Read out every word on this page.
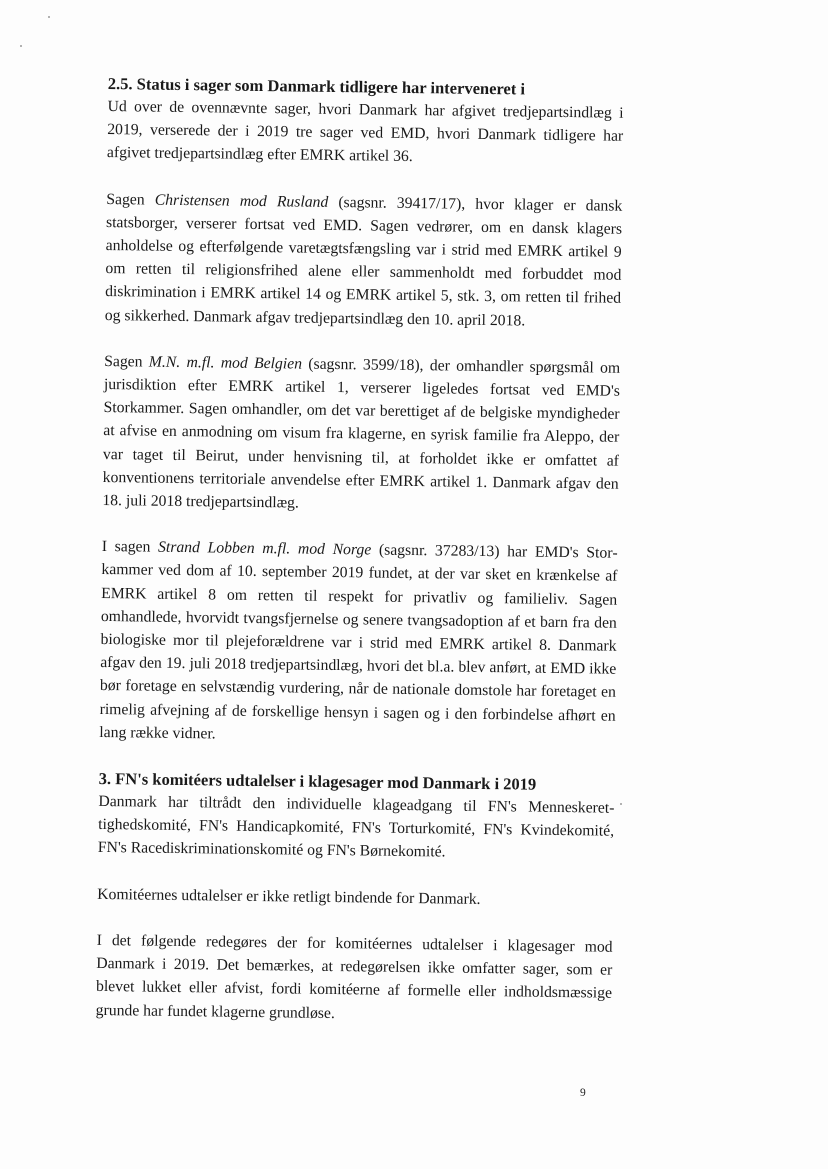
2.5. Status i sager som Danmark tidligere har interveneret i

Ud over de ovennævnte sager, hvori Danmark har afgivet tredjepartsindlæg i 2019, verserede der i 2019 tre sager ved EMD, hvori Danmark tidligere har afgivet tredjepartsindlæg efter EMRK artikel 36.

Sagen Christensen mod Rusland (sagsnr. 39417/17), hvor klager er dansk statsborger, verserer fortsat ved EMD. Sagen vedrører, om en dansk klagers anholdelse og efterfølgende varetægtsfængsling var i strid med EMRK artikel 9 om retten til religionsfrihed alene eller sammenholdt med forbuddet mod diskrimination i EMRK artikel 14 og EMRK artikel 5, stk. 3, om retten til frihed og sikkerhed. Danmark afgav tredjepartsindlæg den 10. april 2018.

Sagen M.N. m.fl. mod Belgien (sagsnr. 3599/18), der omhandler spørgsmål om jurisdiktion efter EMRK artikel 1, verserer ligeledes fortsat ved EMD's Storkammer. Sagen omhandler, om det var berettiget af de belgiske myndigheder at afvise en anmodning om visum fra klagerne, en syrisk familie fra Aleppo, der var taget til Beirut, under henvisning til, at forholdet ikke er omfattet af konventionens territoriale anvendelse efter EMRK artikel 1. Danmark afgav den 18. juli 2018 tredjepartsindlæg.

I sagen Strand Lobben m.fl. mod Norge (sagsnr. 37283/13) har EMD's Storkammer ved dom af 10. september 2019 fundet, at der var sket en krænkelse af EMRK artikel 8 om retten til respekt for privatliv og familieliv. Sagen omhandlede, hvorvidt tvangsfjernelse og senere tvangsadoption af et barn fra den biologiske mor til plejeforældrene var i strid med EMRK artikel 8. Danmark afgav den 19. juli 2018 tredjepartsindlæg, hvori det bl.a. blev anført, at EMD ikke bør foretage en selvstændig vurdering, når de nationale domstole har foretaget en rimelig afvejning af de forskellige hensyn i sagen og i den forbindelse afhørt en lang række vidner.

3. FN's komitéers udtalelser i klagesager mod Danmark i 2019

Danmark har tiltrådt den individuelle klageadgang til FN's Menneskerettighedskomité, FN's Handicapkomité, FN's Torturkomité, FN's Kvindekomité, FN's Racediskriminationskomité og FN's Børnekomité.

Komitéernes udtalelser er ikke retligt bindende for Danmark.

I det følgende redegøres der for komitéernes udtalelser i klagesager mod Danmark i 2019. Det bemærkes, at redegørelsen ikke omfatter sager, som er blevet lukket eller afvist, fordi komitéerne af formelle eller indholdsmæssige grunde har fundet klagerne grundløse.

9
